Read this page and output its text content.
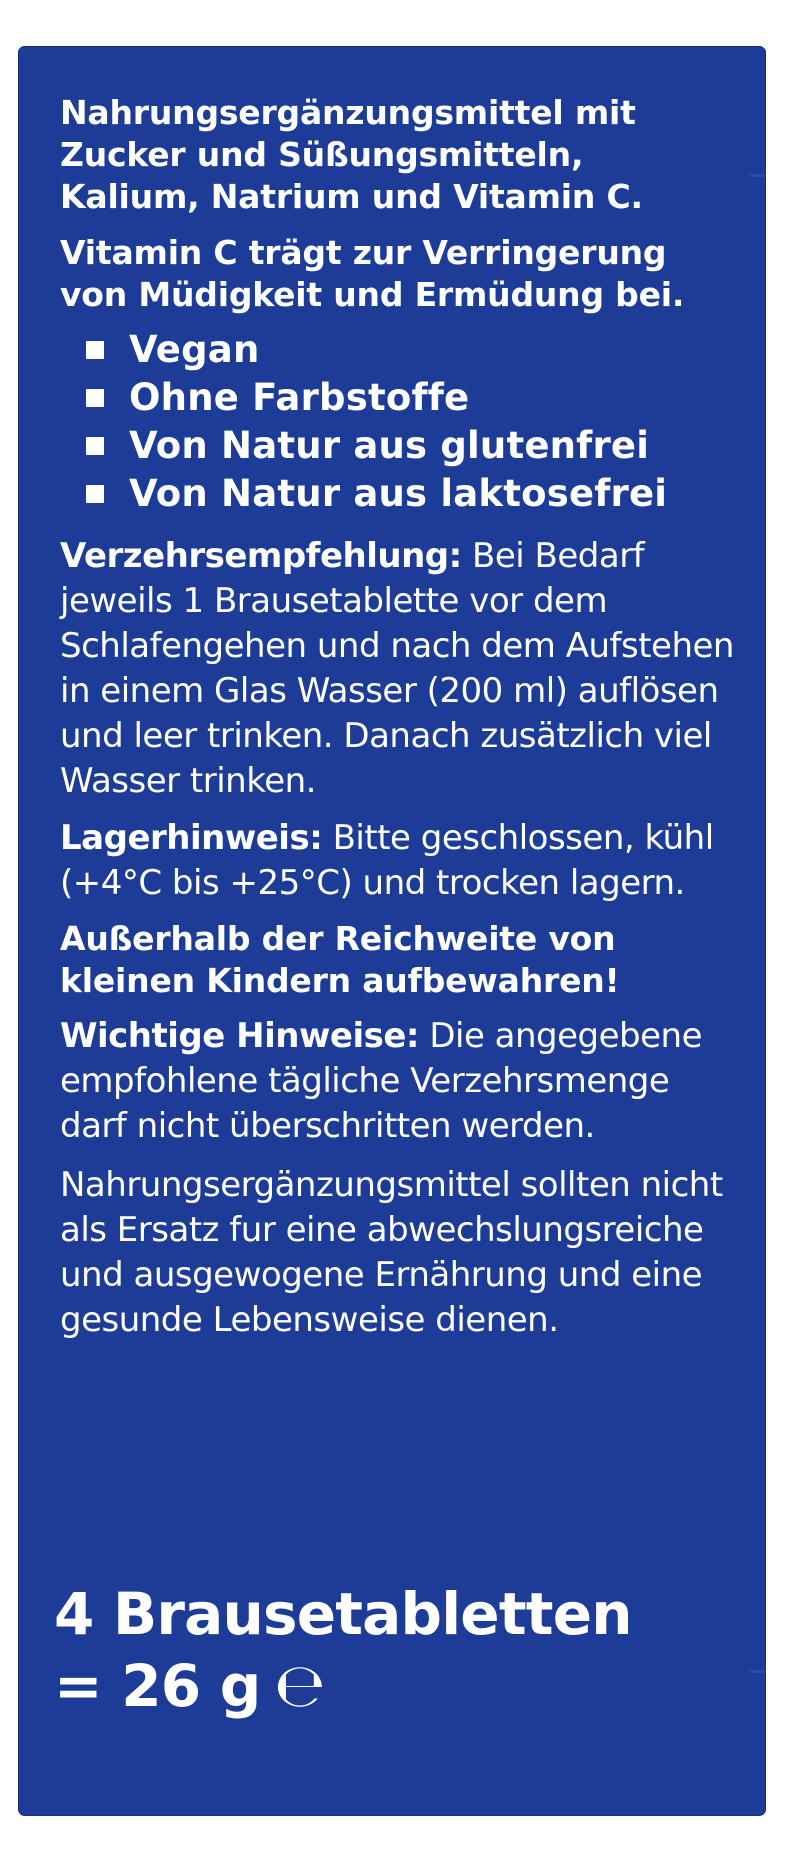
Nahrungsergänzungsmittel mit
Zucker und Süßungsmitteln,
Kalium, Natrium und Vitamin C.

Vitamin C trägt zur Verringerung
von Müdigkeit und Ermüdung bei.

Vegan
Ohne Farbstoffe
Von Natur aus glutenfrei
Von Natur aus laktosefrei

Verzehrsempfehlung: Bei Bedarf
jeweils 1 Brausetablette vor dem
Schlafengehen und nach dem Aufstehen
in einem Glas Wasser (200 ml) auflösen
und leer trinken. Danach zusätzlich viel
Wasser trinken.

Lagerhinweis: Bitte geschlossen, kühl
(+4°C bis +25°C) und trocken lagern.

Außerhalb der Reichweite von
kleinen Kindern aufbewahren!

Wichtige Hinweise: Die angegebene
empfohlene tägliche Verzehrsmenge
darf nicht überschritten werden.

Nahrungsergänzungsmittel sollten nicht
als Ersatz fur eine abwechslungsreiche
und ausgewogene Ernährung und eine
gesunde Lebensweise dienen.

4 Brausetabletten
= 26 g ℮
